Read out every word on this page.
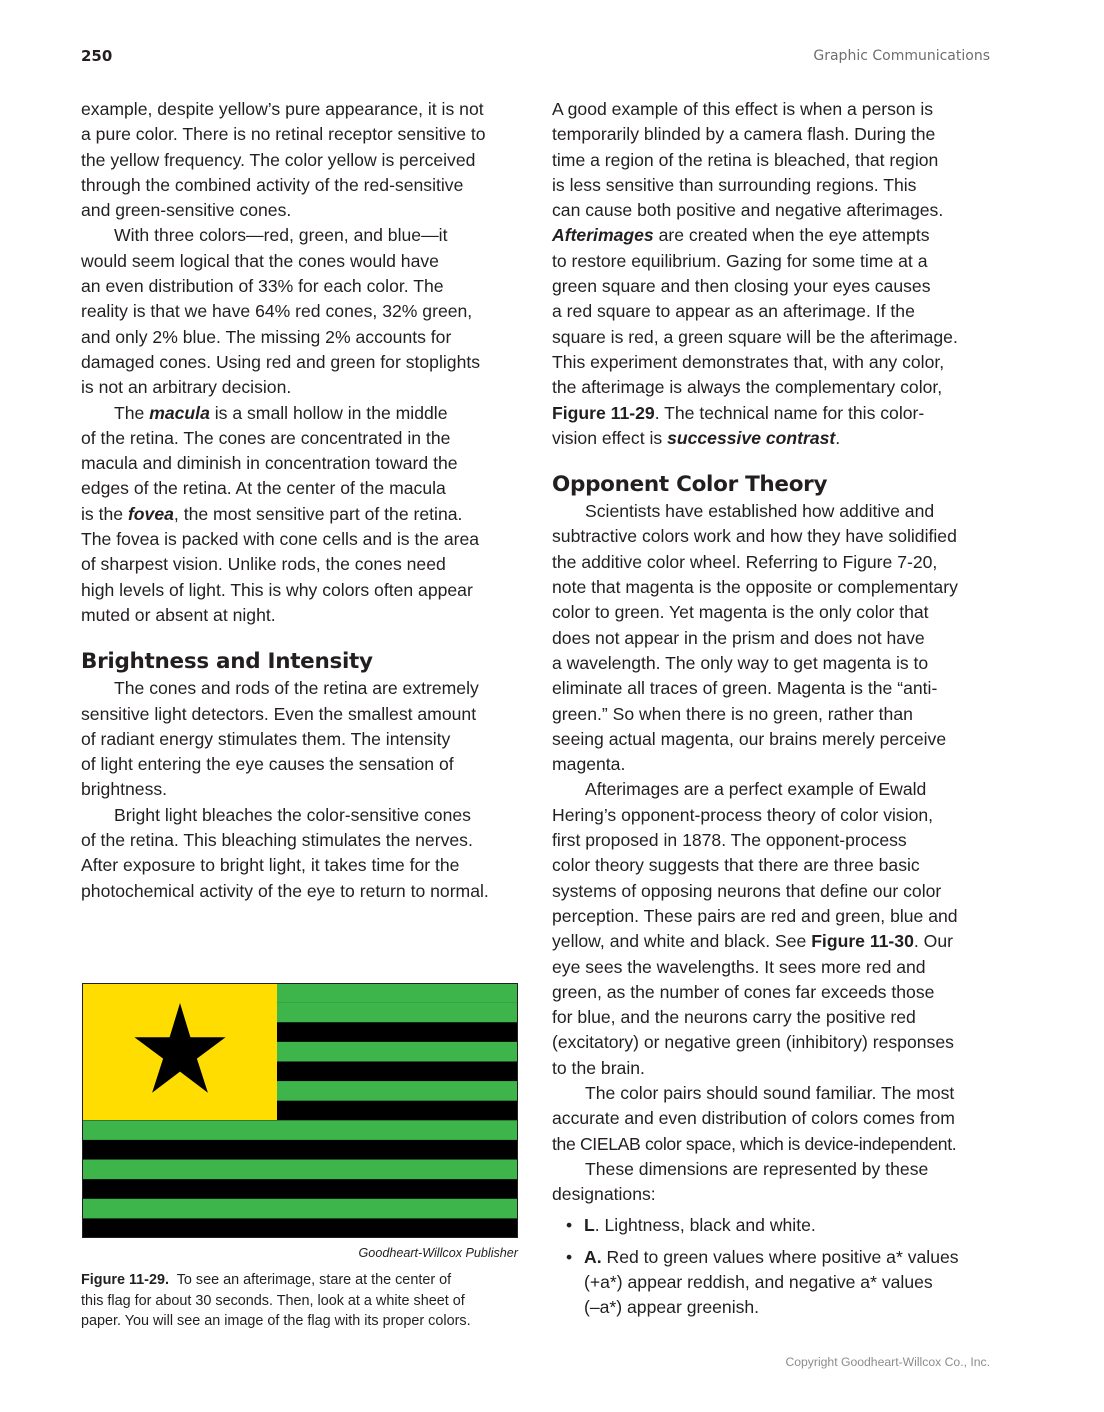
250	Graphic Communications

example, despite yellow’s pure appearance, it is not
a pure color. There is no retinal receptor sensitive to
the yellow frequency. The color yellow is perceived
through the combined activity of the red-sensitive
and green-sensitive cones.

With three colors—red, green, and blue—it
would seem logical that the cones would have
an even distribution of 33% for each color. The
reality is that we have 64% red cones, 32% green,
and only 2% blue. The missing 2% accounts for
damaged cones. Using red and green for stoplights
is not an arbitrary decision.

The macula is a small hollow in the middle
of the retina. The cones are concentrated in the
macula and diminish in concentration toward the
edges of the retina. At the center of the macula
is the fovea, the most sensitive part of the retina.
The fovea is packed with cone cells and is the area
of sharpest vision. Unlike rods, the cones need
high levels of light. This is why colors often appear
muted or absent at night.

Brightness and Intensity

The cones and rods of the retina are extremely
sensitive light detectors. Even the smallest amount
of radiant energy stimulates them. The intensity
of light entering the eye causes the sensation of
brightness.

Bright light bleaches the color-sensitive cones
of the retina. This bleaching stimulates the nerves.
After exposure to bright light, it takes time for the
photochemical activity of the eye to return to normal.

Goodheart-Willcox Publisher
Figure 11-29. To see an afterimage, stare at the center of
this flag for about 30 seconds. Then, look at a white sheet of
paper. You will see an image of the flag with its proper colors.

A good example of this effect is when a person is
temporarily blinded by a camera flash. During the
time a region of the retina is bleached, that region
is less sensitive than surrounding regions. This
can cause both positive and negative afterimages.
Afterimages are created when the eye attempts
to restore equilibrium. Gazing for some time at a
green square and then closing your eyes causes
a red square to appear as an afterimage. If the
square is red, a green square will be the afterimage.
This experiment demonstrates that, with any color,
the afterimage is always the complementary color,
Figure 11-29. The technical name for this color-
vision effect is successive contrast.

Opponent Color Theory

Scientists have established how additive and
subtractive colors work and how they have solidified
the additive color wheel. Referring to Figure 7-20,
note that magenta is the opposite or complementary
color to green. Yet magenta is the only color that
does not appear in the prism and does not have
a wavelength. The only way to get magenta is to
eliminate all traces of green. Magenta is the “anti-
green.” So when there is no green, rather than
seeing actual magenta, our brains merely perceive
magenta.

Afterimages are a perfect example of Ewald
Hering’s opponent-process theory of color vision,
first proposed in 1878. The opponent-process
color theory suggests that there are three basic
systems of opposing neurons that define our color
perception. These pairs are red and green, blue and
yellow, and white and black. See Figure 11-30. Our
eye sees the wavelengths. It sees more red and
green, as the number of cones far exceeds those
for blue, and the neurons carry the positive red
(excitatory) or negative green (inhibitory) responses
to the brain.

The color pairs should sound familiar. The most
accurate and even distribution of colors comes from
the CIELAB color space, which is device-independent.

These dimensions are represented by these
designations:

• L. Lightness, black and white.
• A. Red to green values where positive a* values
(+a*) appear reddish, and negative a* values
(–a*) appear greenish.
Copyright Goodheart-Willcox Co., Inc.
